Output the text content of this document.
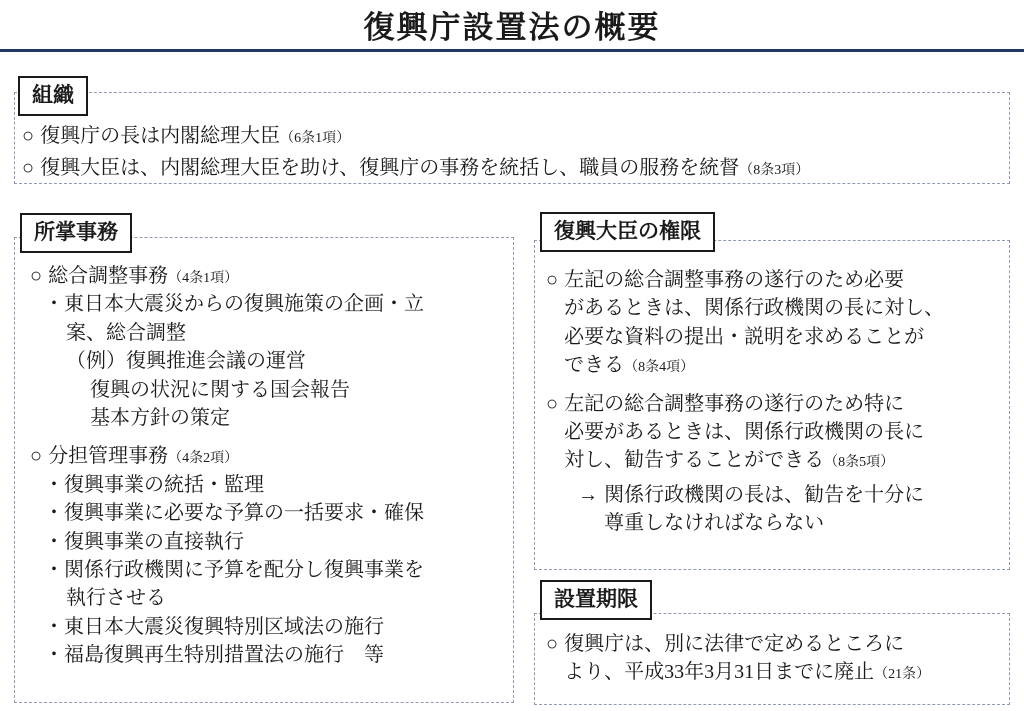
復興庁設置法の概要
組織
○ 復興庁の長は内閣総理大臣（6条1項）
○ 復興大臣は、内閣総理大臣を助け、復興庁の事務を統括し、職員の服務を統督（8条3項）
所掌事務
○ 総合調整事務（4条1項）
・東日本大震災からの復興施策の企画・立
案、総合調整
（例）復興推進会議の運営
復興の状況に関する国会報告
基本方針の策定
○ 分担管理事務（4条2項）
・復興事業の統括・監理
・復興事業に必要な予算の一括要求・確保
・復興事業の直接執行
・関係行政機関に予算を配分し復興事業を
執行させる
・東日本大震災復興特別区域法の施行
・福島復興再生特別措置法の施行　等
復興大臣の権限
○ 左記の総合調整事務の遂行のため必要
があるときは、関係行政機関の長に対し、
必要な資料の提出・説明を求めることが
できる（8条4項）
○ 左記の総合調整事務の遂行のため特に
必要があるときは、関係行政機関の長に
対し、勧告することができる（8条5項）
→ 関係行政機関の長は、勧告を十分に
尊重しなければならない
設置期限
○ 復興庁は、別に法律で定めるところに
より、平成33年3月31日までに廃止（21条）
